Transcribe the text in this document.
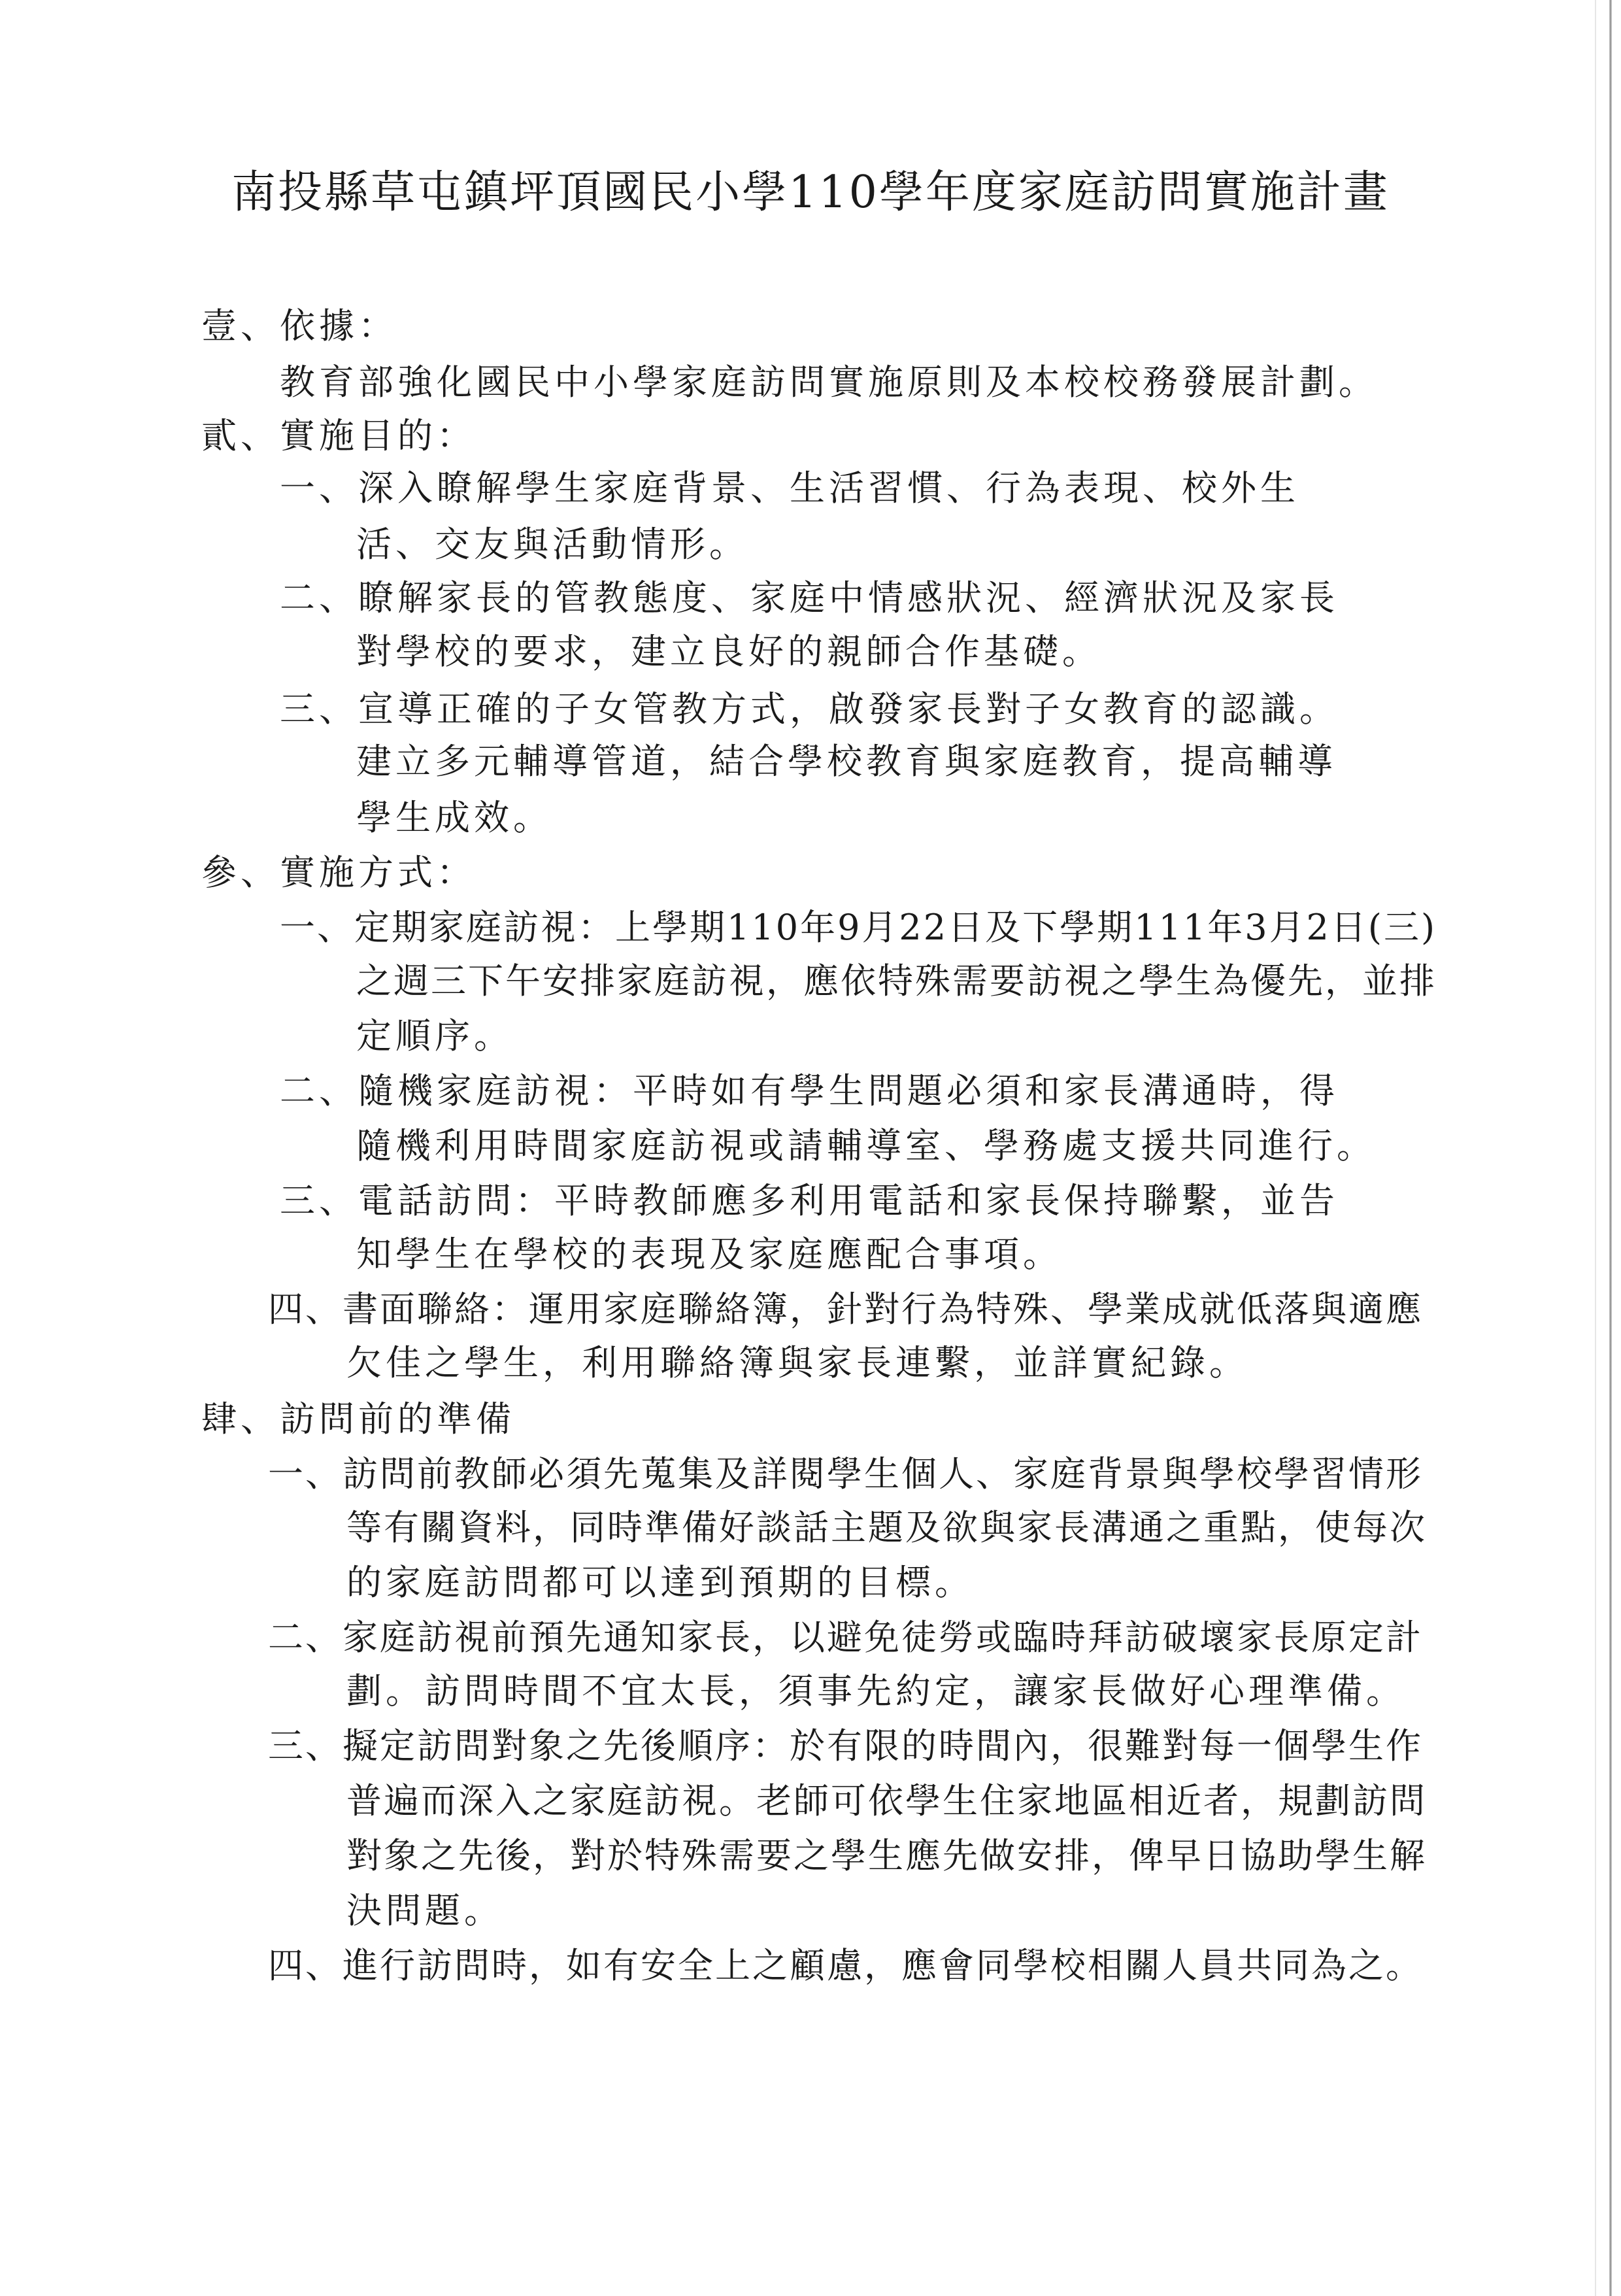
南投縣草屯鎮坪頂國民小學110學年度家庭訪問實施計畫
壹、依據：
教育部強化國民中小學家庭訪問實施原則及本校校務發展計劃。
貳、實施目的：
一、深入瞭解學生家庭背景、生活習慣、行為表現、校外生
活、交友與活動情形。
二、瞭解家長的管教態度、家庭中情感狀況、經濟狀況及家長
對學校的要求，建立良好的親師合作基礎。
三、宣導正確的子女管教方式，啟發家長對子女教育的認識。
建立多元輔導管道，結合學校教育與家庭教育，提高輔導
學生成效。
參、實施方式：
一、定期家庭訪視：上學期110年9月22日及下學期111年3月2日(三)
之週三下午安排家庭訪視，應依特殊需要訪視之學生為優先，並排
定順序。
二、隨機家庭訪視：平時如有學生問題必須和家長溝通時，得
隨機利用時間家庭訪視或請輔導室、學務處支援共同進行。
三、電話訪問：平時教師應多利用電話和家長保持聯繫，並告
知學生在學校的表現及家庭應配合事項。
四、書面聯絡：運用家庭聯絡簿，針對行為特殊、學業成就低落與適應
欠佳之學生，利用聯絡簿與家長連繫，並詳實紀錄。
肆、訪問前的準備
一、訪問前教師必須先蒐集及詳閱學生個人、家庭背景與學校學習情形
等有關資料，同時準備好談話主題及欲與家長溝通之重點，使每次
的家庭訪問都可以達到預期的目標。
二、家庭訪視前預先通知家長，以避免徒勞或臨時拜訪破壞家長原定計
劃。訪問時間不宜太長，須事先約定，讓家長做好心理準備。
三、擬定訪問對象之先後順序：於有限的時間內，很難對每一個學生作
普遍而深入之家庭訪視。老師可依學生住家地區相近者，規劃訪問
對象之先後，對於特殊需要之學生應先做安排，俾早日協助學生解
決問題。
四、進行訪問時，如有安全上之顧慮，應會同學校相關人員共同為之。
